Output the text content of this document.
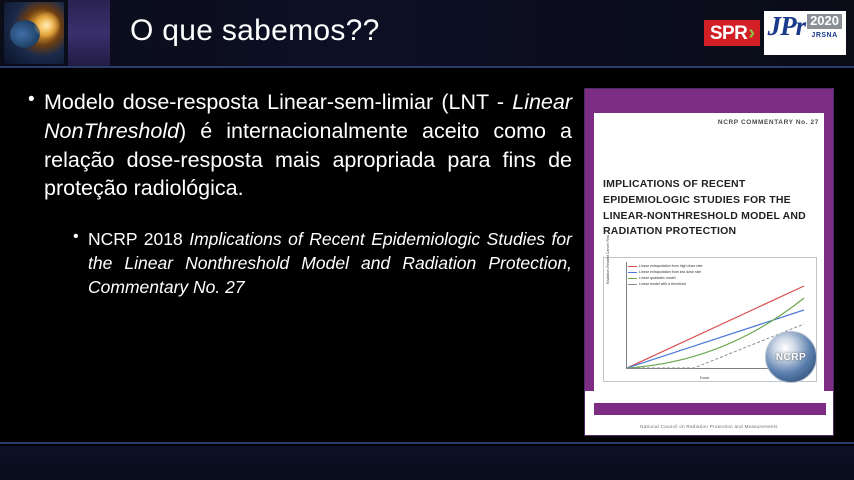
O que sabemos??	SPR › JPr 2020
JRSNA
• Modelo dose-resposta Linear-sem-limiar (LNT - Linear NonThreshold) é internacionalmente aceito como a relação dose-resposta mais apropriada para fins de proteção radiológica.
• NCRP 2018 Implications of Recent Epidemiologic Studies for the Linear Nonthreshold Model and Radiation Protection, Commentary No. 27
NCRP COMMENTARY No. 27
IMPLICATIONS OF RECENT EPIDEMIOLOGIC STUDIES FOR THE LINEAR-NONTHRESHOLD MODEL AND RADIATION PROTECTION
Linear extrapolation from high dose rate
Linear extrapolation from low dose rate
Linear quadratic model
Linear model with a threshold
Radiation-Related Cancer Risk
Dose
NCRP
National Council on Radiation Protection and Measurements
